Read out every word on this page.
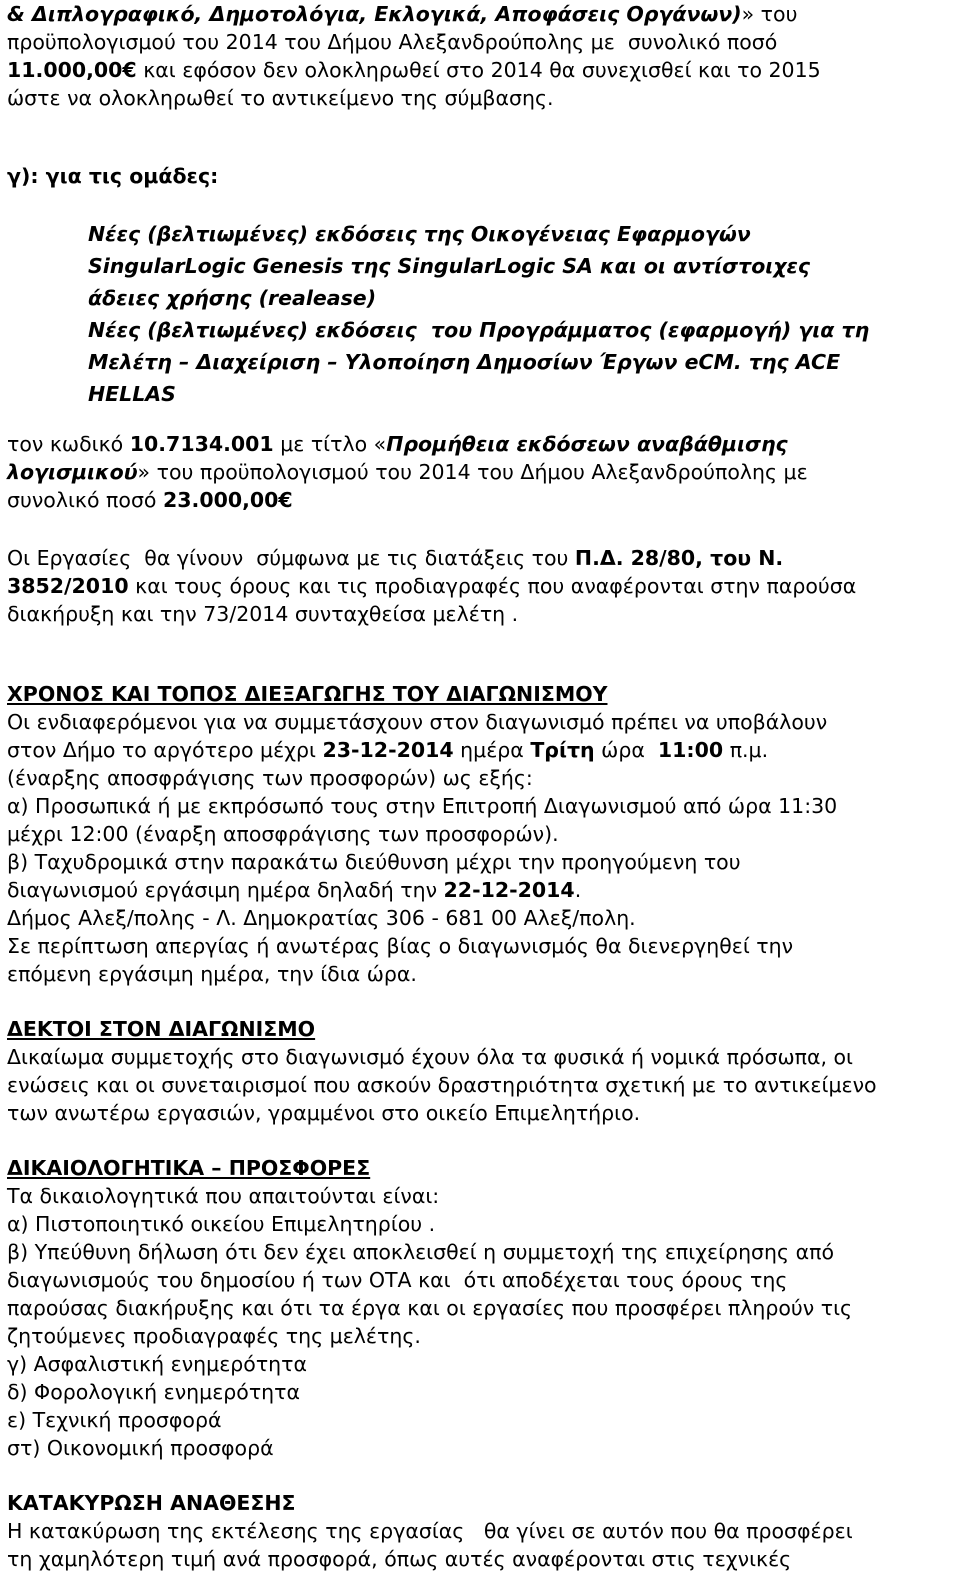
& Διπλογραφικό, Δημοτολόγια, Εκλογικά, Αποφάσεις Οργάνων)» του
προϋπολογισμού του 2014 του Δήμου Αλεξανδρούπολης με  συνολικό ποσό
11.000,00€ και εφόσον δεν ολοκληρωθεί στο 2014 θα συνεχισθεί και το 2015
ώστε να ολοκληρωθεί το αντικείμενο της σύμβασης.
γ): για τις ομάδες:
Νέες (βελτιωμένες) εκδόσεις της Οικογένειας Εφαρμογών
SingularLogic Genesis της SingularLogic SA και οι αντίστοιχες
άδειες χρήσης (realease)
Νέες (βελτιωμένες) εκδόσεις  του Προγράμματος (εφαρμογή) για τη
Μελέτη – Διαχείριση – Υλοποίηση Δημοσίων Έργων eCM. της ACE
HELLAS
τον κωδικό 10.7134.001 με τίτλο «Προμήθεια εκδόσεων αναβάθμισης
λογισμικού» του προϋπολογισμού του 2014 του Δήμου Αλεξανδρούπολης με
συνολικό ποσό 23.000,00€
Οι Εργασίες  θα γίνουν  σύμφωνα με τις διατάξεις του Π.Δ. 28/80, του Ν.
3852/2010 και τους όρους και τις προδιαγραφές που αναφέρονται στην παρούσα
διακήρυξη και την 73/2014 συνταχθείσα μελέτη .
ΧΡΟΝΟΣ ΚΑΙ ΤΟΠΟΣ ΔΙΕΞΑΓΩΓΗΣ ΤΟΥ ΔΙΑΓΩΝΙΣΜΟΥ
Οι ενδιαφερόμενοι για να συμμετάσχουν στον διαγωνισμό πρέπει να υποβάλουν
στον Δήμο το αργότερο μέχρι 23-12-2014 ημέρα Τρίτη ώρα  11:00 π.μ.
(έναρξης αποσφράγισης των προσφορών) ως εξής:
α) Προσωπικά ή με εκπρόσωπό τους στην Επιτροπή Διαγωνισμού από ώρα 11:30
μέχρι 12:00 (έναρξη αποσφράγισης των προσφορών).
β) Ταχυδρομικά στην παρακάτω διεύθυνση μέχρι την προηγούμενη του
διαγωνισμού εργάσιμη ημέρα δηλαδή την 22-12-2014.
Δήμος Αλεξ/πολης - Λ. Δημοκρατίας 306 - 681 00 Αλεξ/πολη.
Σε περίπτωση απεργίας ή ανωτέρας βίας ο διαγωνισμός θα διενεργηθεί την
επόμενη εργάσιμη ημέρα, την ίδια ώρα.
ΔΕΚΤΟΙ ΣΤΟΝ ΔΙΑΓΩΝΙΣΜΟ
Δικαίωμα συμμετοχής στο διαγωνισμό έχουν όλα τα φυσικά ή νομικά πρόσωπα, οι
ενώσεις και οι συνεταιρισμοί που ασκούν δραστηριότητα σχετική με το αντικείμενο
των ανωτέρω εργασιών, γραμμένοι στο οικείο Επιμελητήριο.
ΔΙΚΑΙΟΛΟΓΗΤΙΚΑ – ΠΡΟΣΦΟΡΕΣ
Τα δικαιολογητικά που απαιτούνται είναι:
α) Πιστοποιητικό οικείου Επιμελητηρίου .
β) Υπεύθυνη δήλωση ότι δεν έχει αποκλεισθεί η συμμετοχή της επιχείρησης από
διαγωνισμούς του δημοσίου ή των ΟΤΑ και  ότι αποδέχεται τους όρους της
παρούσας διακήρυξης και ότι τα έργα και οι εργασίες που προσφέρει πληρούν τις
ζητούμενες προδιαγραφές της μελέτης.
γ) Ασφαλιστική ενημερότητα
δ) Φορολογική ενημερότητα
ε) Τεχνική προσφορά
στ) Οικονομική προσφορά
ΚΑΤΑΚΥΡΩΣΗ ΑΝΑΘΕΣΗΣ
Η κατακύρωση της εκτέλεσης της εργασίας   θα γίνει σε αυτόν που θα προσφέρει
τη χαμηλότερη τιμή ανά προσφορά, όπως αυτές αναφέρονται στις τεχνικές
